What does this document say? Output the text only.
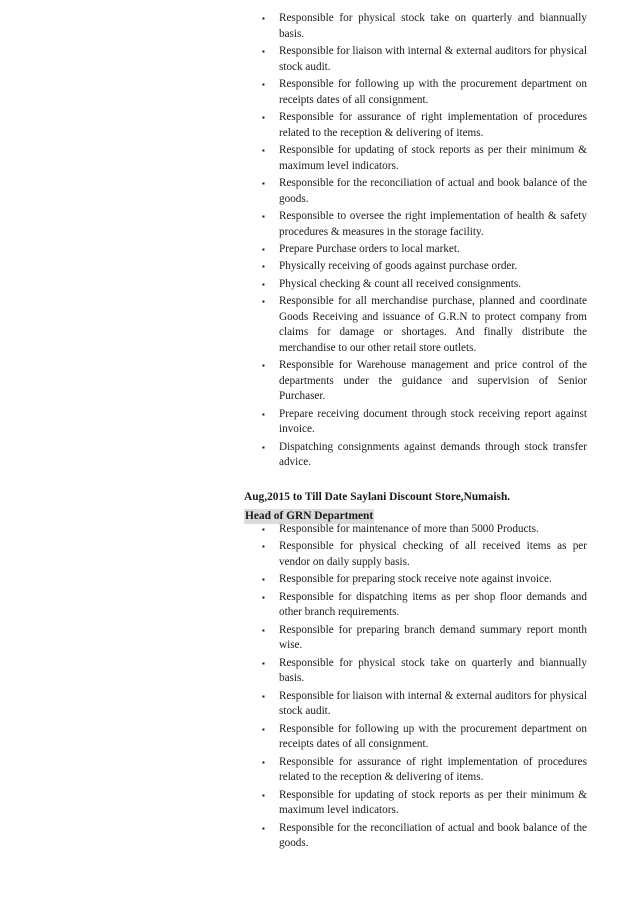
▪	Responsible for physical stock take on quarterly and biannually basis.
▪	Responsible for liaison with internal & external auditors for physical stock audit.
▪	Responsible for following up with the procurement department on receipts dates of all consignment.
▪	Responsible for assurance of right implementation of procedures related to the reception & delivering of items.
▪	Responsible for updating of stock reports as per their minimum & maximum level indicators.
▪	Responsible for the reconciliation of actual and book balance of the goods.
▪	Responsible to oversee the right implementation of health & safety procedures & measures in the storage facility.
▪	Prepare Purchase orders to local market.
▪	Physically receiving of goods against purchase order.
▪	Physical checking & count all received consignments.
▪	Responsible for all merchandise purchase, planned and coordinate Goods Receiving and issuance of G.R.N to protect company from claims for damage or shortages. And finally distribute the merchandise to our other retail store outlets.
▪	Responsible for Warehouse management and price control of the departments under the guidance and supervision of Senior Purchaser.
▪	Prepare receiving document through stock receiving report against invoice.
▪	Dispatching consignments against demands through stock transfer advice.

Aug,2015 to Till Date Saylani Discount Store,Numaish.

Head of GRN Department

▪	Responsible for maintenance of more than 5000 Products.
▪	Responsible for physical checking of all received items as per vendor on daily supply basis.
▪	Responsible for preparing stock receive note against invoice.
▪	Responsible for dispatching items as per shop floor demands and other branch requirements.
▪	Responsible for preparing branch demand summary report month wise.
▪	Responsible for physical stock take on quarterly and biannually basis.
▪	Responsible for liaison with internal & external auditors for physical stock audit.
▪	Responsible for following up with the procurement department on receipts dates of all consignment.
▪	Responsible for assurance of right implementation of procedures related to the reception & delivering of items.
▪	Responsible for updating of stock reports as per their minimum & maximum level indicators.
▪	Responsible for the reconciliation of actual and book balance of the goods.
